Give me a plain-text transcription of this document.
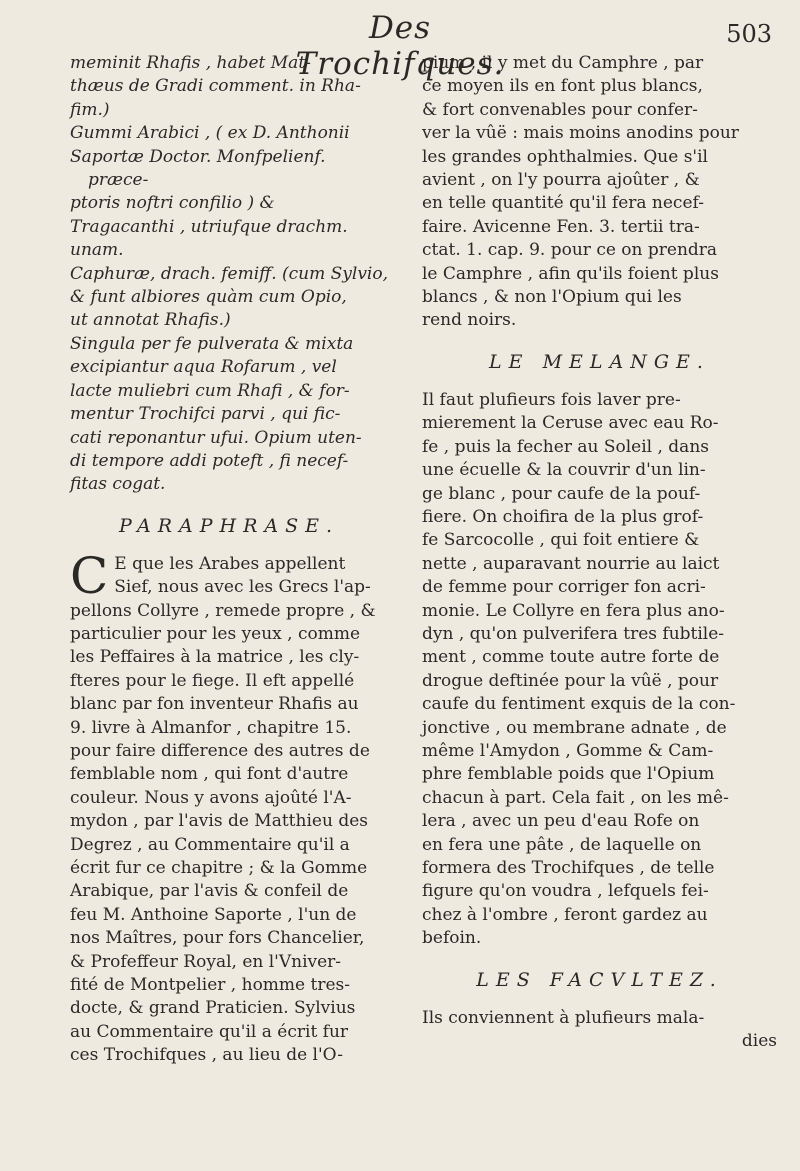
Des Trochifques.
503

meminit Rhafis , habet Mat-

thæus de Gradi comment. in Rha-

fim.)

Gummi Arabici , ( ex D. Anthonii

Saportæ Doctor. Monfpelienf. præce-

ptoris noftri confilio ) &

Tragacanthi , utriufque drachm.

unam.

Caphuræ, drach. femiff. (cum Sylvio,

& funt albiores quàm cum Opio,

ut annotat Rhafis.)

Singula per fe pulverata & mixta

excipiantur aqua Rofarum , vel

lacte muliebri cum Rhafi , & for-

mentur Trochifci parvi , qui fic-

cati reponantur ufui. Opium uten-

di tempore addi poteft , fi necef-

fitas cogat.

PARAPHRASE.
C E que les Arabes appellent

Sief, nous avec les Grecs l'ap-

pellons Collyre , remede propre , &

particulier pour les yeux , comme

les Peffaires à la matrice , les cly-

fteres pour le fiege. Il eft appellé

blanc par fon inventeur Rhafis au

9. livre à Almanfor , chapitre 15.

pour faire difference des autres de

femblable nom , qui font d'autre

couleur. Nous y avons ajoûté l'A-

mydon , par l'avis de Matthieu des

Degrez , au Commentaire qu'il a

écrit fur ce chapitre ; & la Gomme

Arabique, par l'avis & confeil de

feu M. Anthoine Saporte , l'un de

nos Maîtres, pour fors Chancelier,

& Profeffeur Royal, en l'Vniver-

fité de Montpelier , homme tres-

docte, & grand Praticien. Sylvius

au Commentaire qu'il a écrit fur

ces Trochifques , au lieu de l'O-

pium , il y met du Camphre , par

ce moyen ils en font plus blancs,

& fort convenables pour confer-

ver la vûë : mais moins anodins pour

les grandes ophthalmies. Que s'il

avient , on l'y pourra ajoûter , &

en telle quantité qu'il fera necef-

faire. Avicenne Fen. 3. tertii tra-

ctat. 1. cap. 9. pour ce on prendra

le Camphre , afin qu'ils foient plus

blancs , & non l'Opium qui les

rend noirs.

LE MELANGE.

Il faut plufieurs fois laver pre-

mierement la Ceruse avec eau Ro-

fe , puis la fecher au Soleil , dans

une écuelle & la couvrir d'un lin-

ge blanc , pour caufe de la pouf-

fiere. On choifira de la plus grof-

fe Sarcocolle , qui foit entiere &

nette , auparavant nourrie au laict

de femme pour corriger fon acri-

monie. Le Collyre en fera plus ano-

dyn , qu'on pulverifera tres fubtile-

ment , comme toute autre forte de

drogue deftinée pour la vûë , pour

caufe du fentiment exquis de la con-

jonctive , ou membrane adnate , de

même l'Amydon , Gomme & Cam-

phre femblable poids que l'Opium

chacun à part. Cela fait , on les mê-

lera , avec un peu d'eau Rofe on

en fera une pâte , de laquelle on

formera des Trochifques , de telle

figure qu'on voudra , lefquels fei-

chez à l'ombre , feront gardez au

befoin.

LES FACVLTEZ.

Ils conviennent à plufieurs mala-

dies
